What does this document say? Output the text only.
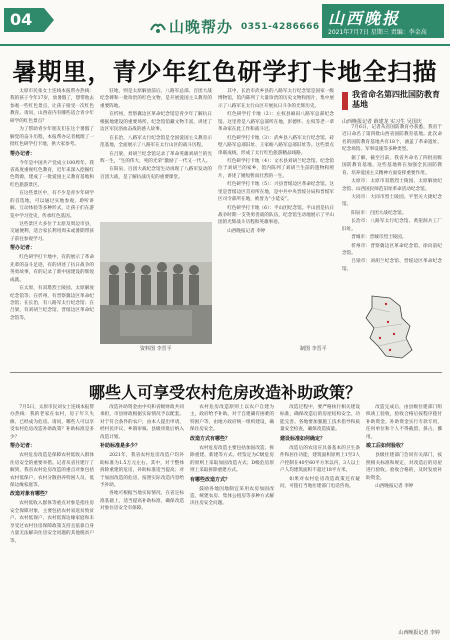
04	山晚帮办 0351-4286666 山西晚报
2021年7月7日 星期三 责编：李金高
暑期里，青少年红色研学打卡地全扫描

太原市民张女士连线本报帮办热线：我的孩子今年17岁，放暑假了，想带他去参观一些红色景点，让孩子接受一次红色教育。请问，山西省内有哪些适合青少年研学的红色景点？

为了帮助青少年朋友们在这个暑假了解党的奋斗历程，本报帮办记者梳理了一批红色研学打卡地，供大家参考。

帮办记者：

今年是中国共产党成立100周年。我省高度重视红色教育，近年来深入挖掘红色资源，建成了一批爱国主义教育基地和红色旅游景区。

在这些景区中，有不少是青少年研学的首选地，可以通过实地参观、聆听讲解、互动体验等多种形式，让孩子们在游览中学习党史，传承红色基因。

这些景区大多位于太原及周边市县，交通便利，适合家长利用周末或暑期带孩子前往参观学习。

帮办记者：

红色研学打卡地中，有的展示了革命先辈的奋斗足迹，有的讲述了抗日战争的英勇故事，有的记录了新中国建设的辉煌成就。

在太原，有双塔烈士陵园、太原解放纪念馆等；在忻州，有晋察冀边区革命纪念馆；在长治，有八路军太行纪念馆；在吕梁，有刘胡兰纪念馆、晋绥边区革命纪念馆等。

驻地，则是太原解放前后。八路军总部、百团大战纪念碑和一批珍贵的红色文物，是开展爱国主义教育的重要阵地。

在忻州，晋察冀边区革命纪念馆是青少年了解抗日根据地建设的重要场所。纪念馆馆藏文物丰富，讲述了边区军民浴血奋战的感人故事。

在长治，八路军太行纪念馆是全国爱国主义教育示范基地，全面展示了八路军在太行山区的战斗历程。

在吕梁，刘胡兰纪念馆记录了革命英雄刘胡兰的光辉一生，“生的伟大，死的光荣”激励了一代又一代人。

在阳泉，百团大战纪念馆生动再现了八路军发动的百团大战，是了解抗战历史的重要课堂。

其中，长治市武乡县的八路军太行纪念馆是国家一级博物馆，馆内陈列了大量珍贵的历史文物和图片，集中展示了八路军在太行山区开展抗日斗争的光辉历史。

红色研学打卡地（2）：左权县麻田八路军总部纪念馆。这里曾是八路军总部所在地，彭德怀、左权等老一辈革命家在此工作和战斗过。

红色研学打卡地（3）：武乡县八路军太行纪念馆、砖壁八路军总部旧址、王家峪八路军总部旧址等。这些景点串联成线，形成了太行红色旅游精品线路。

红色研学打卡地（4）：文水县刘胡兰纪念馆。纪念馆位于刘胡兰的家乡，馆内陈列了刘胡兰生前的遗物和照片，讲述了她短暂而壮烈的一生。

红色研学打卡地（5）：兴县晋绥边区革命纪念馆。这里是晋绥边区首府所在地，是中共中央晋绥分局和晋绥军区司令部所在地，被誉为“小延安”。

红色研学打卡地（6）：平山团纪念馆。平山团是抗日战争时期一支英勇善战的队伍，纪念馆生动地展示了平山团的光辉战斗历程和英雄事迹。

山西晚报记者 李婷

资料图 李晋平	制图 李晋平
我省命名第四批国防教育基地
山西晚报记者 薛建龙 实习生 吴国庆

7月6日，记者从省国防教育办获悉，我省于近日命名了第四批山西省国防教育基地。此次命名的国防教育基地共有18个，涵盖了革命遗址、纪念场馆、军事设施等多种类型。

据了解，截至目前，我省共命名了四批省级国防教育基地。这些基地将在加强全民国防教育、培养爱国主义精神方面发挥重要作用。

太原市：太原市双塔烈士陵园、太原解放纪念馆、山西国民师范旧址革命活动纪念馆。

大同市：大同市烈士陵园、平型关大捷纪念馆。

阳泉市：百团大战纪念馆。

长治市：八路军太行纪念馆、黄崖洞兵工厂旧址。

晋城市：晋城市烈士陵园。

忻州市：晋察冀边区革命纪念馆、徐向前纪念馆。

吕梁市：刘胡兰纪念馆、晋绥边区革命纪念馆。

哪些人可享受农村危房改造补助政策？

7月5日，太原市民刘女士连线本报帮办热线：我的老家在农村，房子年久失修，已经成为危房。请问，哪些人可以享受农村危房改造补助政策？补助标准是多少？

帮办记者：

农村危房改造是保障农村低收入群体住房安全的重要举措。记者从省住建厅了解到，我省农村危房改造的重点对象包括农村低保户、农村分散供养特困人员、低保边缘家庭等。

改造对象有哪些？

农村低收入群体等重点对象是指住房安全保障对象，主要包括农村易返贫致贫户、农村低保户、农村低保边缘家庭和未享受过农村住房保障政策支持且依靠自身力量无法解决住房安全问题的其他脱贫户等。

改造补助资金由中央和省级财政共同承担，市县财政根据实际情况予以配套。对于符合条件的农户，由本人提出申请，经村民评议、乡镇审核、县级审批后纳入改造计划。

补助标准是多少？

2021年，我省农村危房改造户均补助标准为1.5万元左右。其中，对于整体拆除重建的危房，补助标准适当提高；对于加固改造的危房，按照实际改造内容给予补助。

各地可根据当地实际情况，在省定标准基础上，适当提高补助标准，确保改造对象住房安全有保障。

农村危房改造原则上以农户自建为主，政府给予补助。对于自建确有困难的特困户等，由地方政府统一组织建设，确保住房安全。

改造方式有哪些？

农村危房改造主要包括加固改造、拆除重建、新建等方式。经鉴定为C级危房的原则上采取加固改造方式；D级危房原则上采取拆除重建方式。

有哪些改造方式？

鼓励各地因地制宜采用农房加固改造、统建农房、集体公租房等多种方式解决住房安全问题。

改造过程中，要严格执行相关建设标准，确保改造后的房屋结构安全、功能完善。各地要加强施工技术指导和质量安全检查，确保改造质量。

建设标准如何确定？

改造后的农房应具备基本的卫生条件和居住功能，建筑面积原则上1至3人户控制在40至60平方米以内，3人以上户人均建筑面积不超过18平方米。

如果对农村危房改造政策还有疑问，可拨打当地住建部门电话咨询。

改造完成后，由县级住建部门组织竣工验收，验收合格后按程序拨付补助资金。补助资金实行专款专用，任何单位和个人不得截留、挤占、挪用。

竣工后如何验收？

县级住建部门会同有关部门，按照相关标准和规定，对改造后的房屋进行验收。验收合格的，及时发放补助资金。

山西晚报记者 李婷

山西晚报记者 李婷
